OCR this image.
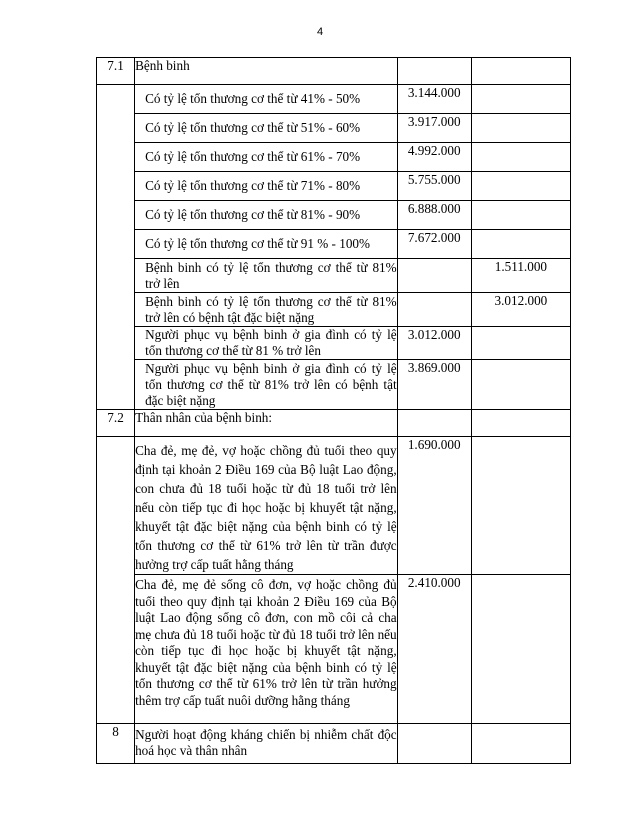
4
7.1	Bệnh binh		
	Có tỷ lệ tổn thương cơ thể từ 41% - 50%	3.144.000	
	Có tỷ lệ tổn thương cơ thể từ 51% - 60%	3.917.000	
	Có tỷ lệ tổn thương cơ thể từ 61% - 70%	4.992.000	
	Có tỷ lệ tổn thương cơ thể từ 71% - 80%	5.755.000	
	Có tỷ lệ tổn thương cơ thể từ 81% - 90%	6.888.000	
	Có tỷ lệ tổn thương cơ thể từ 91 % - 100%	7.672.000	
	Bệnh binh có tỷ lệ tổn thương cơ thể từ 81% trở lên		1.511.000
	Bệnh binh có tỷ lệ tổn thương cơ thể từ 81% trở lên có bệnh tật đặc biệt nặng		3.012.000
	Người phục vụ bệnh binh ở gia đình có tỷ lệ tổn thương cơ thể từ 81 % trở lên	3.012.000	
	Người phục vụ bệnh binh ở gia đình có tỷ lệ tổn thương cơ thể từ 81% trở lên có bệnh tật đặc biệt nặng	3.869.000	
7.2	Thân nhân của bệnh binh:		
	Cha đẻ, mẹ đẻ, vợ hoặc chồng đủ tuổi theo quy định tại khoản 2 Điều 169 của Bộ luật Lao động, con chưa đủ 18 tuổi hoặc từ đủ 18 tuổi trở lên nếu còn tiếp tục đi học hoặc bị khuyết tật nặng, khuyết tật đặc biệt nặng của bệnh binh có tỷ lệ tổn thương cơ thể từ 61% trở lên từ trần được hưởng trợ cấp tuất hằng tháng	1.690.000	
	Cha đẻ, mẹ đẻ sống cô đơn, vợ hoặc chồng đủ tuổi theo quy định tại khoản 2 Điều 169 của Bộ luật Lao động sống cô đơn, con mồ côi cả cha mẹ chưa đủ 18 tuổi hoặc từ đủ 18 tuổi trở lên nếu còn tiếp tục đi học hoặc bị khuyết tật nặng, khuyết tật đặc biệt nặng của bệnh binh có tỷ lệ tổn thương cơ thể từ 61% trở lên từ trần hưởng thêm trợ cấp tuất nuôi dưỡng hằng tháng	2.410.000	
8	Người hoạt động kháng chiến bị nhiễm chất độc hoá học và thân nhân		
